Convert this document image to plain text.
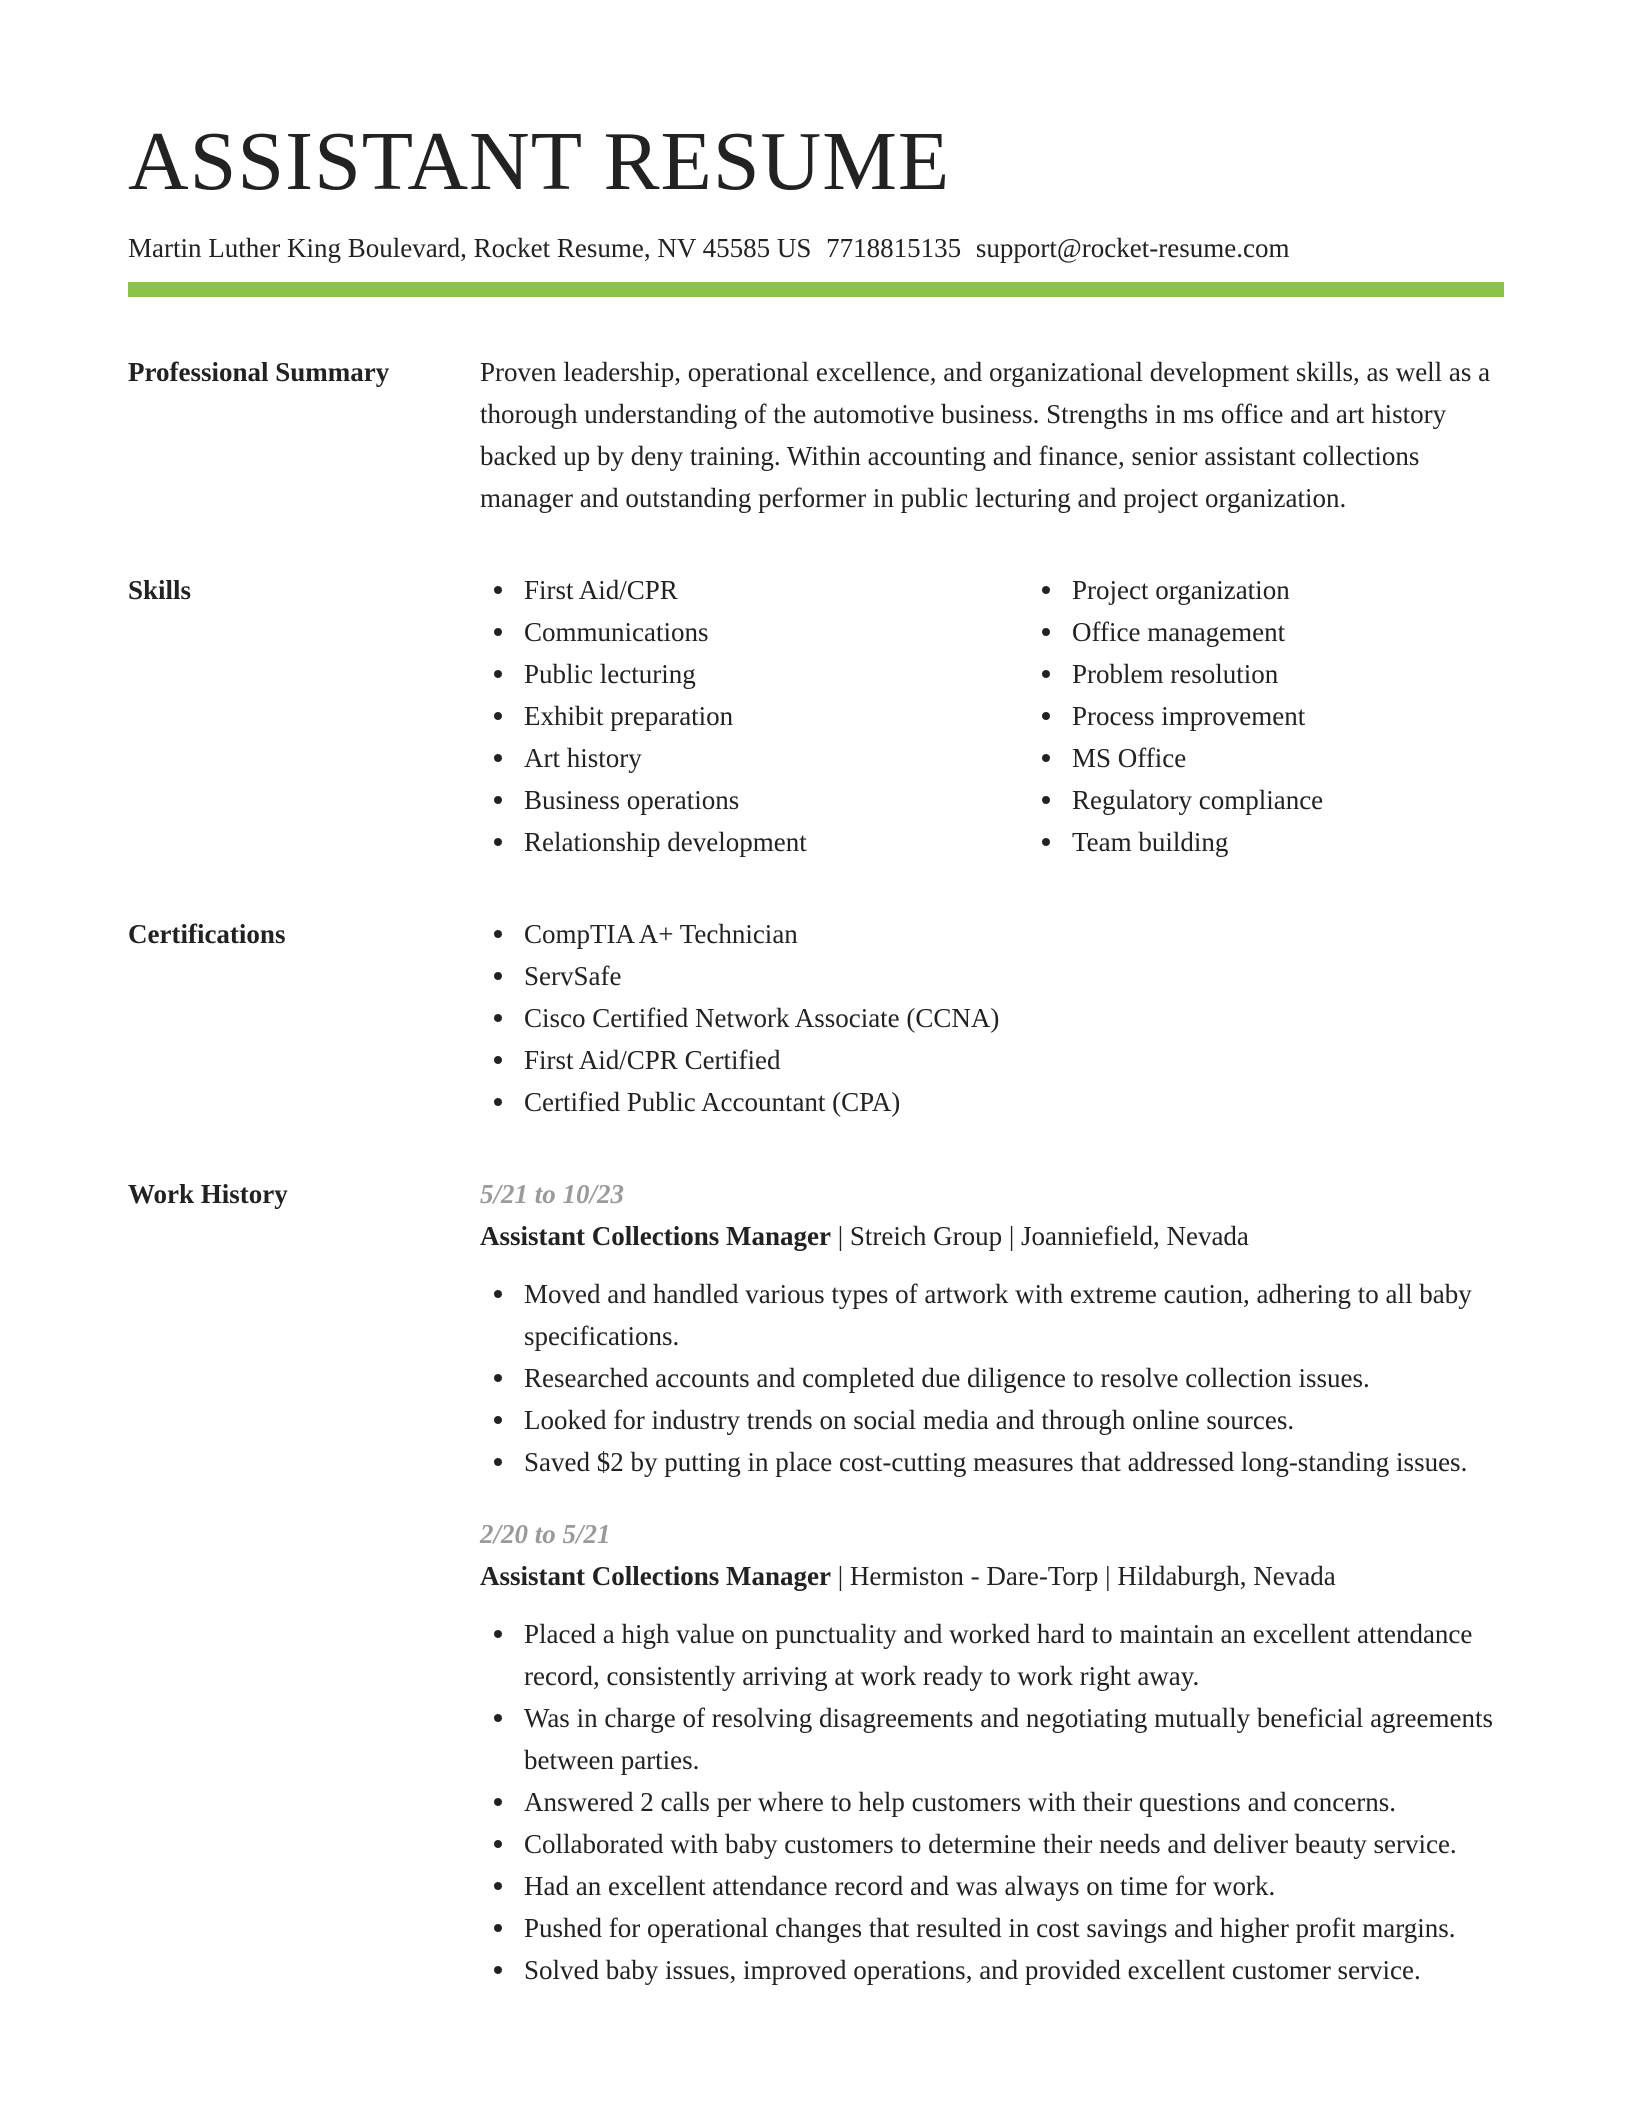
ASSISTANT RESUME
Martin Luther King Boulevard, Rocket Resume, NV 45585 US 7718815135 support@rocket-resume.com
Professional Summary	Proven leadership, operational excellence, and organizational development skills, as well as a thorough understanding of the automotive business. Strengths in ms office and art history backed up by deny training. Within accounting and finance, senior assistant collections manager and outstanding performer in public lecturing and project organization.

Skills	First Aid/CPR
Communications
Public lecturing
Exhibit preparation
Art history
Business operations
Relationship development
Project organization
Office management
Problem resolution
Process improvement
MS Office
Regulatory compliance
Team building
Certifications	CompTIA A+ Technician
ServSafe
Cisco Certified Network Associate (CCNA)
First Aid/CPR Certified
Certified Public Accountant (CPA)
Work History	5/21 to 10/23
Assistant Collections Manager | Streich Group | Joanniefield, Nevada
Moved and handled various types of artwork with extreme caution, adhering to all baby specifications.
Researched accounts and completed due diligence to resolve collection issues.
Looked for industry trends on social media and through online sources.
Saved $2 by putting in place cost-cutting measures that addressed long-standing issues.
2/20 to 5/21
Assistant Collections Manager | Hermiston - Dare-Torp | Hildaburgh, Nevada
Placed a high value on punctuality and worked hard to maintain an excellent attendance record, consistently arriving at work ready to work right away.
Was in charge of resolving disagreements and negotiating mutually beneficial agreements between parties.
Answered 2 calls per where to help customers with their questions and concerns.
Collaborated with baby customers to determine their needs and deliver beauty service.
Had an excellent attendance record and was always on time for work.
Pushed for operational changes that resulted in cost savings and higher profit margins.
Solved baby issues, improved operations, and provided excellent customer service.
